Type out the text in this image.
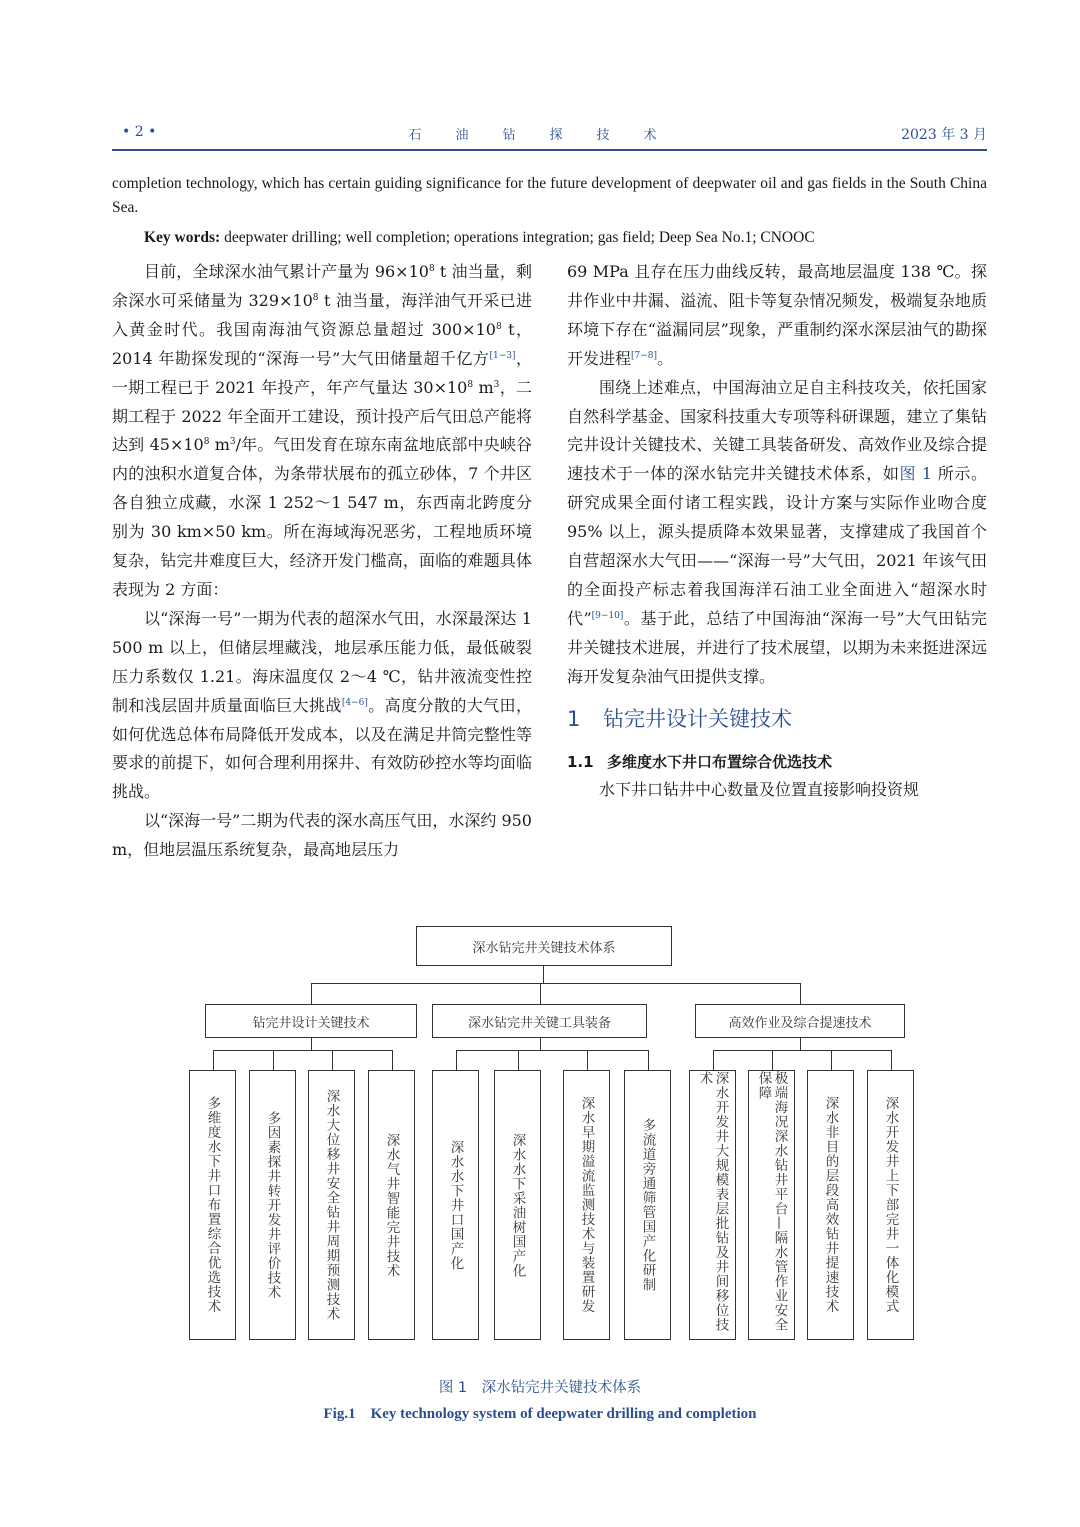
• 2 •	石油钻探技术	2023 年 3 月

completion technology, which has certain guiding significance for the future development of deepwater oil and gas fields in the South China Sea.

Key words: deepwater drilling; well completion; operations integration; gas field; Deep Sea No.1; CNOOC

目前，全球深水油气累计产量为 $96\times 10^8$ t 油当量，剩余深水可采储量为 $329\times 10^8$ t 油当量，海洋油气开采已进入黄金时代。我国南海油气资源总量超过 $300\times 10^8$ t，2014 年勘探发现的“深海一号”大气田储量超千亿方[1−3]，一期工程已于 2021 年投产，年产气量达 $30\times 10^8$ $m^3$，二期工程于 2022 年全面开工建设，预计投产后气田总产能将达到 $45\times 10^8$ $m^3/$年。气田发育在琼东南盆地底部中央峡谷内的浊积水道复合体，为条带状展布的孤立砂体，7 个井区各自独立成藏，水深 1 252～1 547 m，东西南北跨度分别为 30 km×50 km。所在海域海况恶劣，工程地质环境复杂，钻完井难度巨大，经济开发门槛高，面临的难题具体表现为 2 方面：

以“深海一号”一期为代表的超深水气田，水深最深达 1 500 m 以上，但储层埋藏浅，地层承压能力低，最低破裂压力系数仅 1.21。海床温度仅 2～4 ℃，钻井液流变性控制和浅层固井质量面临巨大挑战[4−6]。高度分散的大气田，如何优选总体布局降低开发成本，以及在满足井筒完整性等要求的前提下，如何合理利用探井、有效防砂控水等均面临挑战。

以“深海一号”二期为代表的深水高压气田，水深约 950 m，但地层温压系统复杂，最高地层压力

69 MPa 且存在压力曲线反转，最高地层温度 138 ℃。探井作业中井漏、溢流、阻卡等复杂情况频发，极端复杂地质环境下存在“溢漏同层”现象，严重制约深水深层油气的勘探开发进程[7−8]。

围绕上述难点，中国海油立足自主科技攻关，依托国家自然科学基金、国家科技重大专项等科研课题，建立了集钻完井设计关键技术、关键工具装备研发、高效作业及综合提速技术于一体的深水钻完井关键技术体系，如图 1 所示。研究成果全面付诸工程实践，设计方案与实际作业吻合度 95% 以上，源头提质降本效果显著，支撑建成了我国首个自营超深水大气田——“深海一号”大气田，2021 年该气田的全面投产标志着我国海洋石油工业全面进入“超深水时代”[9−10]。基于此，总结了中国海油“深海一号”大气田钻完井关键技术进展，并进行了技术展望，以期为未来挺进深远海开发复杂油气田提供支撑。

1 钻完井设计关键技术

1.1 多维度水下井口布置综合优选技术

水下井口钻井中心数量及位置直接影响投资规

深水钻完井关键技术体系
钻完井设计关键技术
多维度水下井口布置综合优选技术	多因素探井转开发井评价技术	深水大位移井安全钻井周期预测技术	深水气井智能完井技术
深水钻完井关键工具装备
深水水下井口国产化	深水水下采油树国产化	深水早期溢流监测技术与装置研发	多流道旁通筛管国产化研制
高效作业及综合提速技术
深水开发井大规模表层批钻及井间移位技术	极端海况深水钻井平台—隔水管作业安全保障
深水非目的层段高效钻井提速技术	深水开发井上下部完井一体化模式
图 1　深水钻完井关键技术体系
Fig.1　Key technology system of deepwater drilling and completion
